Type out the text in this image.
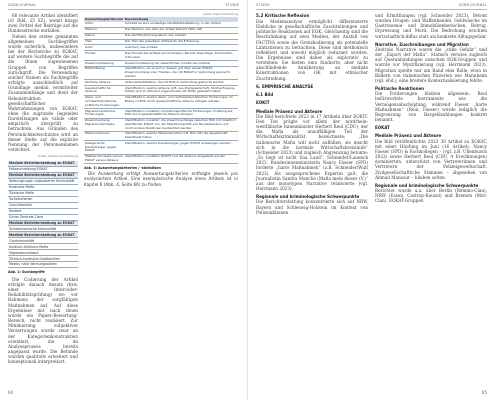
ZGBK-JOURNAL	STUDIE

66 relevante Artikel identifiert (s1 Bild, 25 SZ), womit knapp zwei Drittel der Beiträge auf die Bundesstrecke entfallen.

Neben den ersten genannten allgemeinen Suchbegriffen wurde sicherlich, insbesondere bei der Recherche zu EOKAT, auf weitere Suchbegriffe die auf die Ihnen zugewiesenen Gruppen von Begriffen zurückgriff. Die Verwendung solcher Namen als Suchbegriffe erfolgte ausschließlich auf Grundlage medial vermittelter Zusammenhänge und dient der Rekonstruktion gesellschaftlicher Wahrnehmungen von EOKAT, ohne die zugrunde liegenden Darstellungen als valide oder empirisch überprüft zu betrachten. Aus Gründen des Persönlichkeitsschutzes wird an dieser Stelle auf die explizite Nennung der Personennamen verzichtet.

Quelle: Gestaltung Darstellung
Mediale Berichterstattung zu EOKAT
Fallbeschreibung EOKAT
Mediale Berichterstattung zu EOKAT
Akteursgruppe: organisierter Kriminalität
Kurdische Mafia
Türkische Mafia
Tschetschenen
Clans/Familien
Kontext
Sicher Zentrale Clans
Mediale Berichterstattung zu EOKAT
Tschetschenische Kriminalität
Mediale Berichterstattung zu EOKAT
Clankriminalität
Kurdisch-türkische Mafia
Migrantenverband
Türkisch-kurdische Großfamilien
Medial, nach Nennungszahlen
Abb. 2: Suchbegriffe

Die Codierung der Artikel erfolgte danach Ansatz (bzw. einer Intercoder-Reliabilitätsprüfung) wo vor Rahmens der sorgfältigen Maßnahmen auf. Auf diese Ergebnisse mit nach ihnen wurde ein Papier-Bewertung-Bereich, nicht realisiert. Zur Minimierung subjektiver Verzerrungen wurde zwar an der Kategorienkonstruktion orientiert, die im Analyseprozess bereits angepasst wurde. Die Befunde wurden qualitativ erweitert und konzeptionell interpretiert.

Quelle: Eigene Darstellung
Auswertungskriterium	Beschreibung
Autor	Schreibt es eine eindeutige Identitätsfeststellung, in den Artikel
Medium	Das Medium, aus dem der Artikel stammt (Bild, SZ)
Datum	Das Veröffentlichungsdatum des Artikels
Titel	Der Titel des jeweiligen Artikels für die Erfassung
Autor	Autor(en) des Artikels
Format	Das Format des Artikels (im Konkreten: Bericht, Reportage, Kommentar, Interview)
Zusammenfassung	Zusammenfassung der wesentlichen Inhalte des Artikels
EOKAT-Bezug	Identifikation, ob es sich in diesem gut über reinen EOKAT-Zusammenhang oder Themen, die mit EOKAT in Verbindung gebracht werden
Zentrale Akteure	Akteursidentifikation, die mit EOK in Verbindung gebracht werden
Gesellschaftliche Akteure	Identifikation, welche Akteure (z.B. aus Zivilgesellschaft, Strafverfolgung, Politik) sich zu ethnisch zugeordneter OK (EOK) geäußert haben
Islam- und rechtsextremistische politische Forderungen	Identifikation, welche islam- und rechtsextremistischen Forderungen im Bezug zu EOK durch gesellschaftliche Akteure erfolgen werden
Migrationspolitische Forderungen	Identifikation, inwiefern migrationspolitische Forderungen im Bezug auf EOK durch gesellschaftliche Akteure erfolgen
Zusammenhang Migrationskonzepte	Identifikation, inwiefern die Zusammenhänge zwischen EOK mit inhaltlich spezifischer EOKAT von der Migrationspolitik von Bundesländern und durch andere Positionen beobachtet werden
Medienresonanz	Identifikation, welche Medienberichte (z.B. Bild, SZ) die Gesellschaft beeinflusst haben
Kategorische Darstellungen gegen EOKAT	Identifikation, welche Darstellungen gegen EOKAT einbezogen werden
Mediale Konzepte versus EOKAT versus Akteure	Identifikation, inwiefern EOKAT und die Akteure dargestellt wurden
Abb. 3: Auswertungskriterien / -statistiken

Die Auswertung erfolgt Auswertungskriterien entfolgte jeweils pro analysiertem Artikel. Eine exemplarische Analyse eines Artikels ist in Kapitel 6 (Abb. 4, Seite 66) zu finden.

64
STUDIE	ZGBK-JOURNAL
5.2 Kritische Reflexion

Die Medienanalyse ermöglicht differenzierte Einblicke in gesellschaftliche Zuschreibungen und politische Reaktionen auf EOK. Gleichzeitig sind die Beschränkung auf zwei Medien, der Ausfall von FACTIVA sowie die Grenzkodierung als potenzielle Limitationen zu betrachten. Diese sind methodisch reflektiert und sowohl möglich reduziert worden. Die Ergebnisse sind daher als explorativ zu verstehen: Sie bieten eine fundierte, aber nicht abschließende Annäherung an mediale Konstruktionen von OK mit ethnischer Zuschreibung.

6. EMPIRISCHE ANALYSE
6.1 Bild
EOKIT
Mediale Präsenz und Akteure

Die Bild berichtete 2023 in 17 Artikeln über EOKIT. Den Ton prägte vor allem der nordrhein-westfälische Innenminister Herbert Reul (CDU), der die Mafia als unauffälligen Teil der Wirtschaftskriminalität bezeichnete: „Die italienische Mafia will nicht auffallen, sie mischt sich in die normale Wirtschaftskreisläufe“ (Schneider 2023) und zugleich Abgrenzung betonte: „Es liegt ist nicht Sau Land“. Schneider/Lauenck 2023. Bundesinnenministerin Nancy Faeser (SPD) forderte „harte Maßnahmen“ (z.B. Schneider/Wulf 2023). Als ausgesprochene Expertin galt, die Journalistin Sandra Manche (Mafia mein dieser (V.)“ aus der monotypen Narrative relativierte (vgl. Herrmann 2023).

Regionale und kriminologische Schwerpunkte

Die Berichterstattung konzentrierte sich auf NRW, Bayern und Schleswig-Holstein im Kontext von Polizeiaktionen

und Ermittlungen (vgl. Schneider 2023). Betont wurden Drogen- und Waffenhandel, Geldwäsche im Gastronomie- und Immobilienbereichen, Betrug, Erpressung und Mord. Die Bedrohung erschien wirtschaftlich-diffus statt als konkrete Alltagsgefahr.

Narrative, Zuschreibungen und Migration

Zentrale Narrative waren die „stille Gefahr“ und der „Export der Mafia“. Statisch verwies zugleich auf Queranbindungen zwischen EOK-Gruppen und warnte vor Mystifizierung (vgl. Herrmann 2023). Migration spielte nur am Rand eine Rolle, etwa in Bildern von italienischen Pizzerien wie Mannheim (vgl. ebd.), eine breitere Kontextualisierung fehlte.

Politische Reaktionen

Die Forderungen bleiben allgemein: Reul befürwortete Instrumente wie die Vermögensabschöpfung, während Faeser „harte Maßnahmen“ (Reul, Faeser) wurde lediglich die Begrenzung von Bargeldzahlungen konkret benannt.

EOKAT
Mediale Präsenz und Akteure

Die Bild veröffentlichte 2023 30 Artikel zu EOKAT, mit einer Häufung im Juni (16 Artikel). Nancy Faeser (SPD) & Fachkollegen – (vgl. z.B. Ullenbusch 2023) sowie Herbert Reul (CDU, 4 Erwähnungen) dominierten, unterstützt von Vertreterinnen und Vertretern der Polizeigewerkschaft. Zivilgesellschaftliche Stimmen – abgesehen von Ahmad Mansour – blieben selten.

Regionale und kriminologische Schwerpunkte

Berichtet wurde u.a. über Berlin (Remmo-Clan), NRW (Essen, Castrop-Rauxel) und Bremen (Miri-Clan). EOKAT-Gruppen

65
